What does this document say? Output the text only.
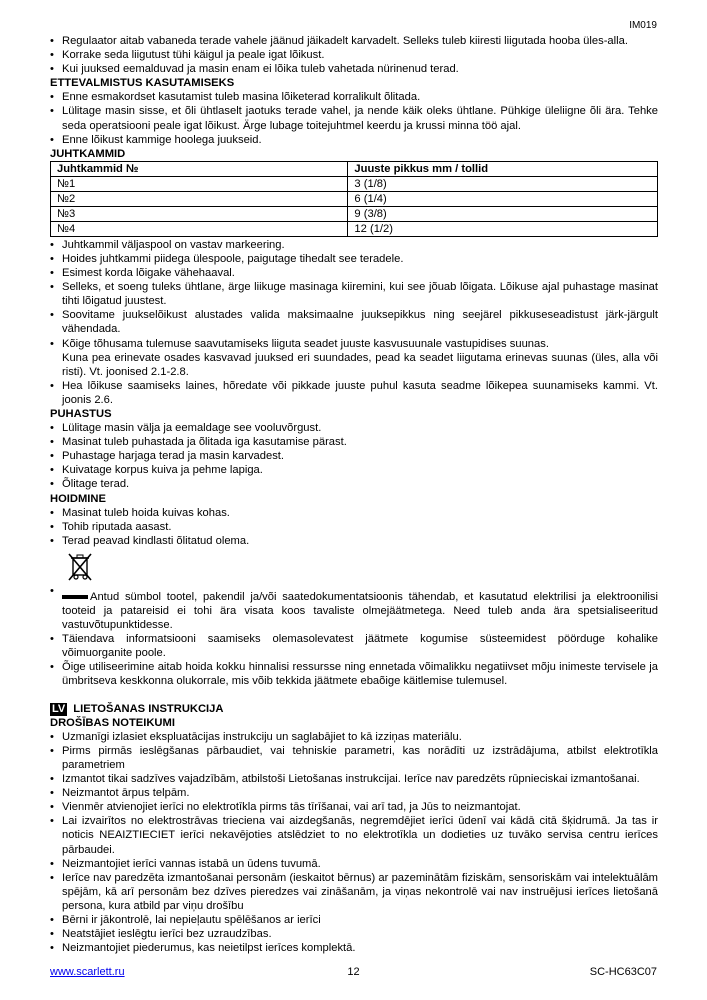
IM019
• Regulaator aitab vabaneda terade vahele jäänud jäikadelt karvadelt. Selleks tuleb kiiresti liigutada hooba üles-alla.
• Korrake seda liigutust tühi käigul ja peale igat lõikust.
• Kui juuksed eemalduvad ja masin enam ei lõika tuleb vahetada nürinenud terad.
ETTEVALMISTUS KASUTAMISEKS
• Enne esmakordset kasutamist tuleb masina lõiketerad korralikult õlitada.
• Lülitage masin sisse, et õli ühtlaselt jaotuks terade vahel, ja nende käik oleks ühtlane. Pühkige üleliigne õli ära. Tehke seda operatsiooni peale igat lõikust. Ärge lubage toitejuhtmel keerdu ja krussi minna töö ajal.
• Enne lõikust kammige hoolega juukseid.
JUHTKAMMID
Juhtkammid №	Juuste pikkus mm / tollid
№1	3 (1/8)
№2	6 (1/4)
№3	9 (3/8)
№4	12 (1/2)
• Juhtkammil väljaspool on vastav markeering.
• Hoides juhtkammi piidega ülespoole, paigutage tihedalt see teradele.
• Esimest korda lõigake vähehaaval.
• Selleks, et soeng tuleks ühtlane, ärge liikuge masinaga kiiremini, kui see jõuab lõigata. Lõikuse ajal puhastage masinat tihti lõigatud juustest.
• Soovitame juukselõikust alustades valida maksimaalne juuksepikkus ning seejärel pikkuseseadistust järk-järgult vähendada.
• Kõige tõhusama tulemuse saavutamiseks liiguta seadet juuste kasvusuunale vastupidises suunas.
Kuna pea erinevate osades kasvavad juuksed eri suundades, pead ka seadet liigutama erinevas suunas (üles, alla või risti). Vt. joonised 2.1-2.8.
• Hea lõikuse saamiseks laines, hõredate või pikkade juuste puhul kasuta seadme lõikepea suunamiseks kammi. Vt. joonis 2.6.
PUHASTUS
• Lülitage masin välja ja eemaldage see vooluvõrgust.
• Masinat tuleb puhastada ja õlitada iga kasutamise pärast.
• Puhastage harjaga terad ja masin karvadest.
• Kuivatage korpus kuiva ja pehme lapiga.
• Õlitage terad.
HOIDMINE
• Masinat tuleb hoida kuivas kohas.
• Tohib riputada aasast.
• Terad peavad kindlasti õlitatud olema.
• Antud sümbol tootel, pakendil ja/või saatedokumentatsioonis tähendab, et kasutatud elektrilisi ja elektroonilisi tooteid ja patareisid ei tohi ära visata koos tavaliste olmejäätmetega. Need tuleb anda ära spetsialiseeritud vastuvõtupunktidesse.
• Täiendava informatsiooni saamiseks olemasolevatest jäätmete kogumise süsteemidest pöörduge kohalike võimuorganite poole.
• Õige utiliseerimine aitab hoida kokku hinnalisi ressursse ning ennetada võimalikku negatiivset mõju inimeste tervisele ja ümbritseva keskkonna olukorrale, mis võib tekkida jäätmete ebaõige käitlemise tulemusel.
LV LIETOŠANAS INSTRUKCIJA
DROŠĪBAS NOTEIKUMI
• Uzmanīgi izlasiet ekspluatācijas instrukciju un saglabājiet to kā izziņas materiālu.
• Pirms pirmās ieslēgšanas pārbaudiet, vai tehniskie parametri, kas norādīti uz izstrādājuma, atbilst elektrotīkla parametriem
• Izmantot tikai sadzīves vajadzībām, atbilstoši Lietošanas instrukcijai. Ierīce nav paredzēts rūpnieciskai izmantošanai.
• Neizmantot ārpus telpām.
• Vienmēr atvienojiet ierīci no elektrotīkla pirms tās tīrīšanai, vai arī tad, ja Jūs to neizmantojat.
• Lai izvairītos no elektrostrāvas trieciena vai aizdegšanās, negremdējiet ierīci ūdenī vai kādā citā šķidrumā. Ja tas ir noticis NEAIZTIECIET ierīci nekavējoties atslēdziet to no elektrotīkla un dodieties uz tuvāko servisa centru ierīces pārbaudei.
• Neizmantojiet ierīci vannas istabā un ūdens tuvumā.
• Ierīce nav paredzēta izmantošanai personām (ieskaitot bērnus) ar pazeminātām fiziskām, sensoriskām vai intelektuālām spējām, kā arī personām bez dzīves pieredzes vai zināšanām, ja viņas nekontrolē vai nav instruējusi ierīces lietošanā persona, kura atbild par viņu drošību
• Bērni ir jākontrolē, lai nepieļautu spēlēšanos ar ierīci
• Neatstājiet ieslēgtu ierīci bez uzraudzības.
• Neizmantojiet piederumus, kas neietilpst ierīces komplektā.
www.scarlett.ru	12	SC-HC63C07
